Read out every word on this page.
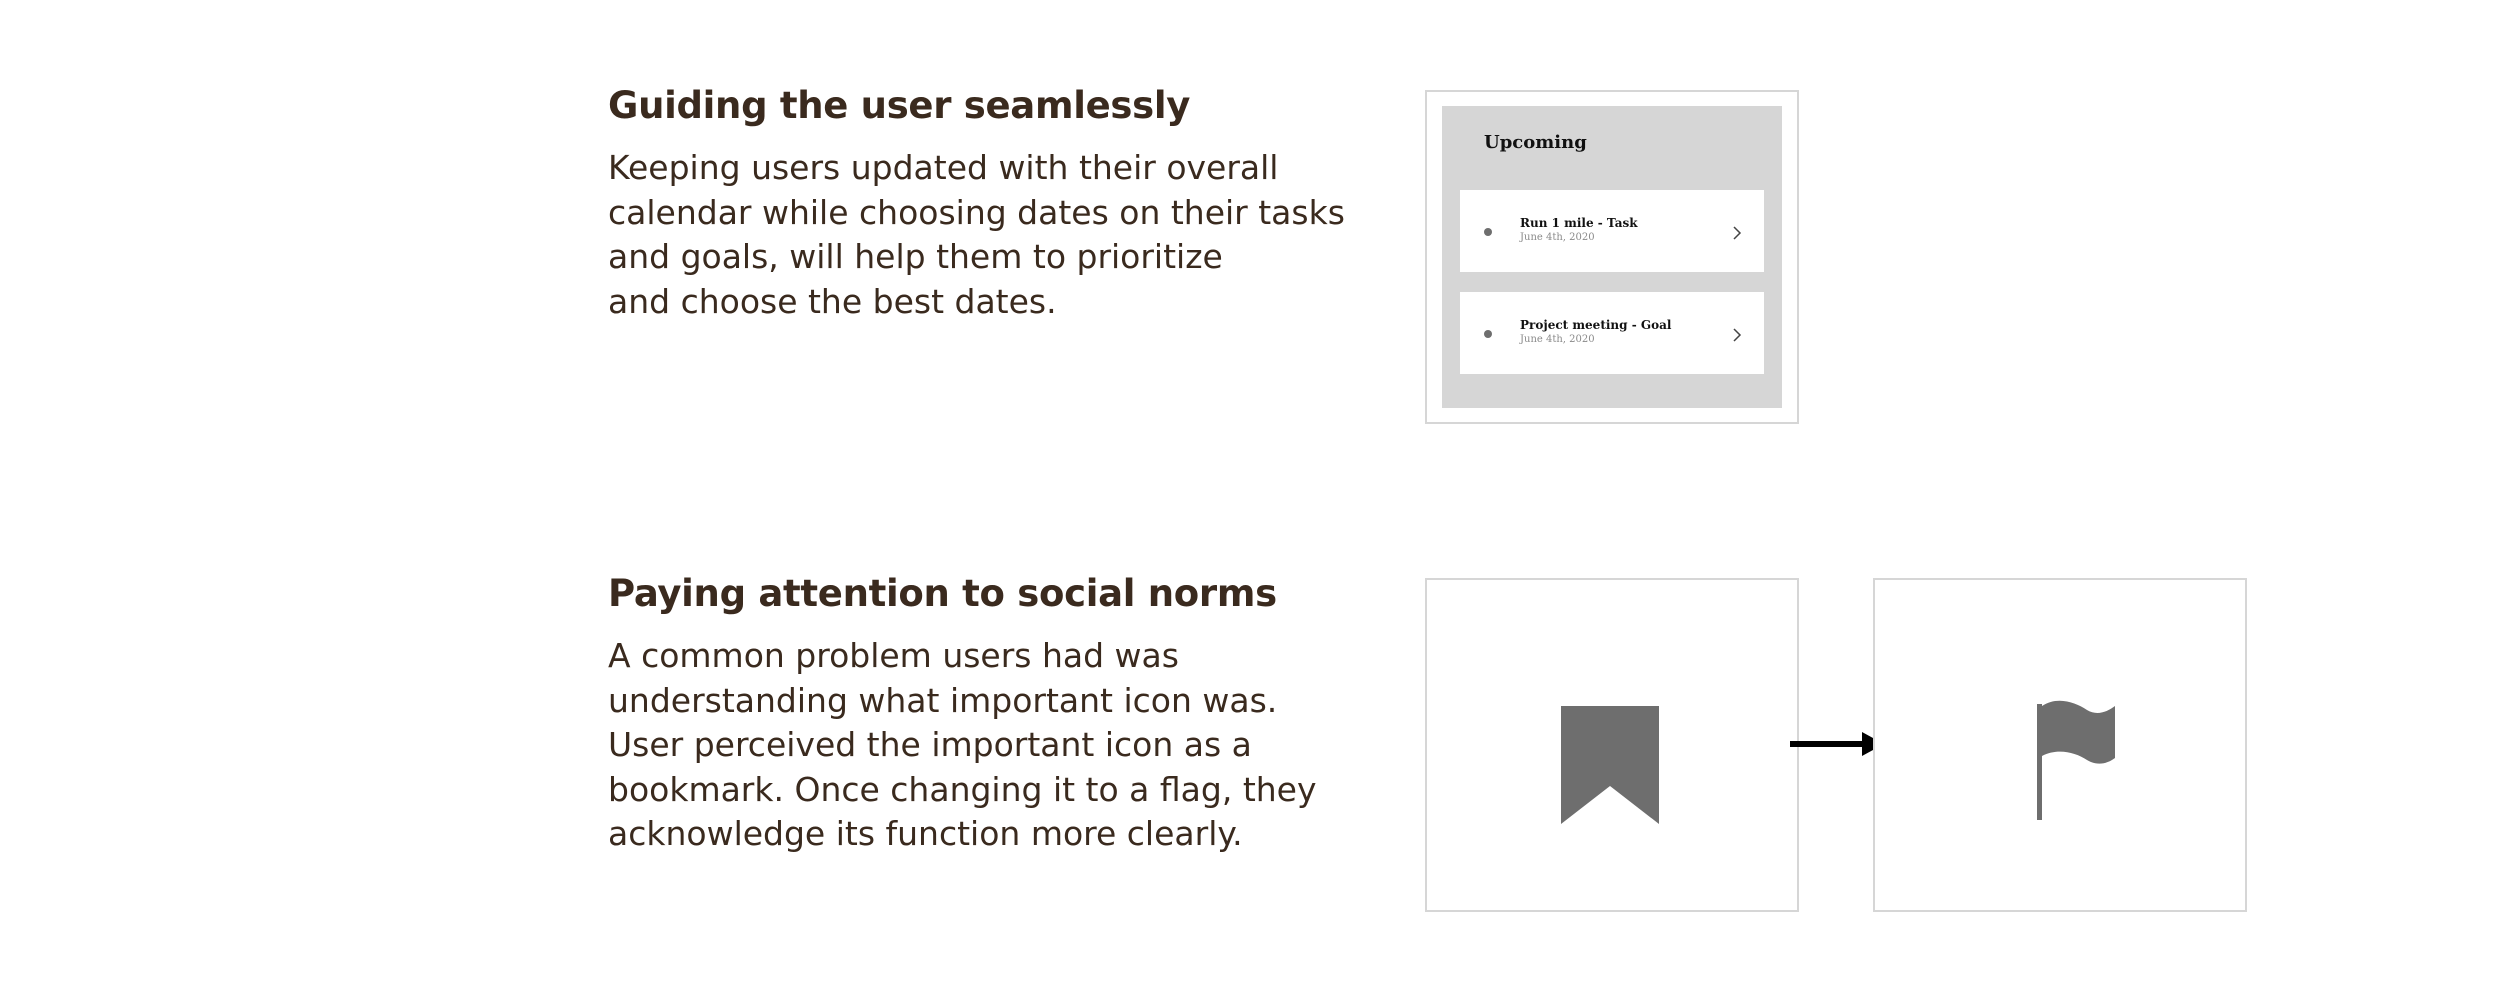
Guiding the user seamlessly

Keeping users updated with their overall
calendar while choosing dates on their tasks
and goals, will help them to prioritize
and choose the best dates.

Upcoming
Run 1 mile - Task
June 4th, 2020
Project meeting - Goal
June 4th, 2020
Paying attention to social norms

A common problem users had was
understanding what important icon was.
User perceived the important icon as a
bookmark. Once changing it to a flag, they
acknowledge its function more clearly.
